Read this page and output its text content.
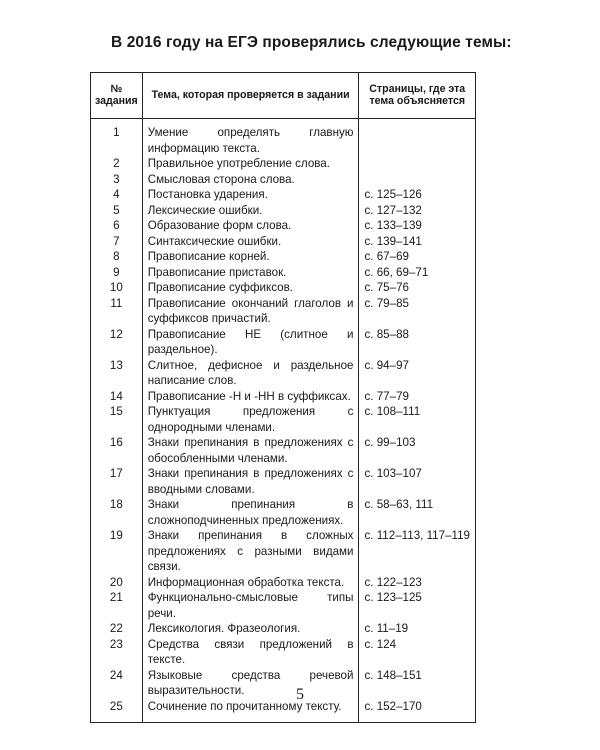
В 2016 году на ЕГЭ проверялись следующие темы:
№ задания	Тема, которая проверяется в задании	Страницы, где эта тема объясняется
1	Умение определять главную информацию текста.	
2	Правильное употребление слова.	
3	Смысловая сторона слова.	
4	Постановка ударения.	с. 125–126
5	Лексические ошибки.	с. 127–132
6	Образование форм слова.	с. 133–139
7	Синтаксические ошибки.	с. 139–141
8	Правописание корней.	с. 67–69
9	Правописание приставок.	с. 66, 69–71
10	Правописание суффиксов.	с. 75–76
11	Правописание окончаний глаголов и суффиксов причастий.	с. 79–85
12	Правописание НЕ (слитное и раздельное).	с. 85–88
13	Слитное, дефисное и раздельное написание слов.	с. 94–97
14	Правописание -Н и -НН в суффиксах.	с. 77–79
15	Пунктуация предложения с однородными членами.	с. 108–111
16	Знаки препинания в предложениях с обособленными членами.	с. 99–103
17	Знаки препинания в предложениях с вводными словами.	с. 103–107
18	Знаки препинания в сложноподчиненных предложениях.	с. 58–63, 111
19	Знаки препинания в сложных предложениях с разными видами связи.	с. 112–113, 117–119
20	Информационная обработка текста.	с. 122–123
21	Функционально-смысловые типы речи.	с. 123–125
22	Лексикология. Фразеология.	с. 11–19
23	Средства связи предложений в тексте.	с. 124
24	Языковые средства речевой выразительности.	с. 148–151
25	Сочинение по прочитанному тексту.	с. 152–170
5
